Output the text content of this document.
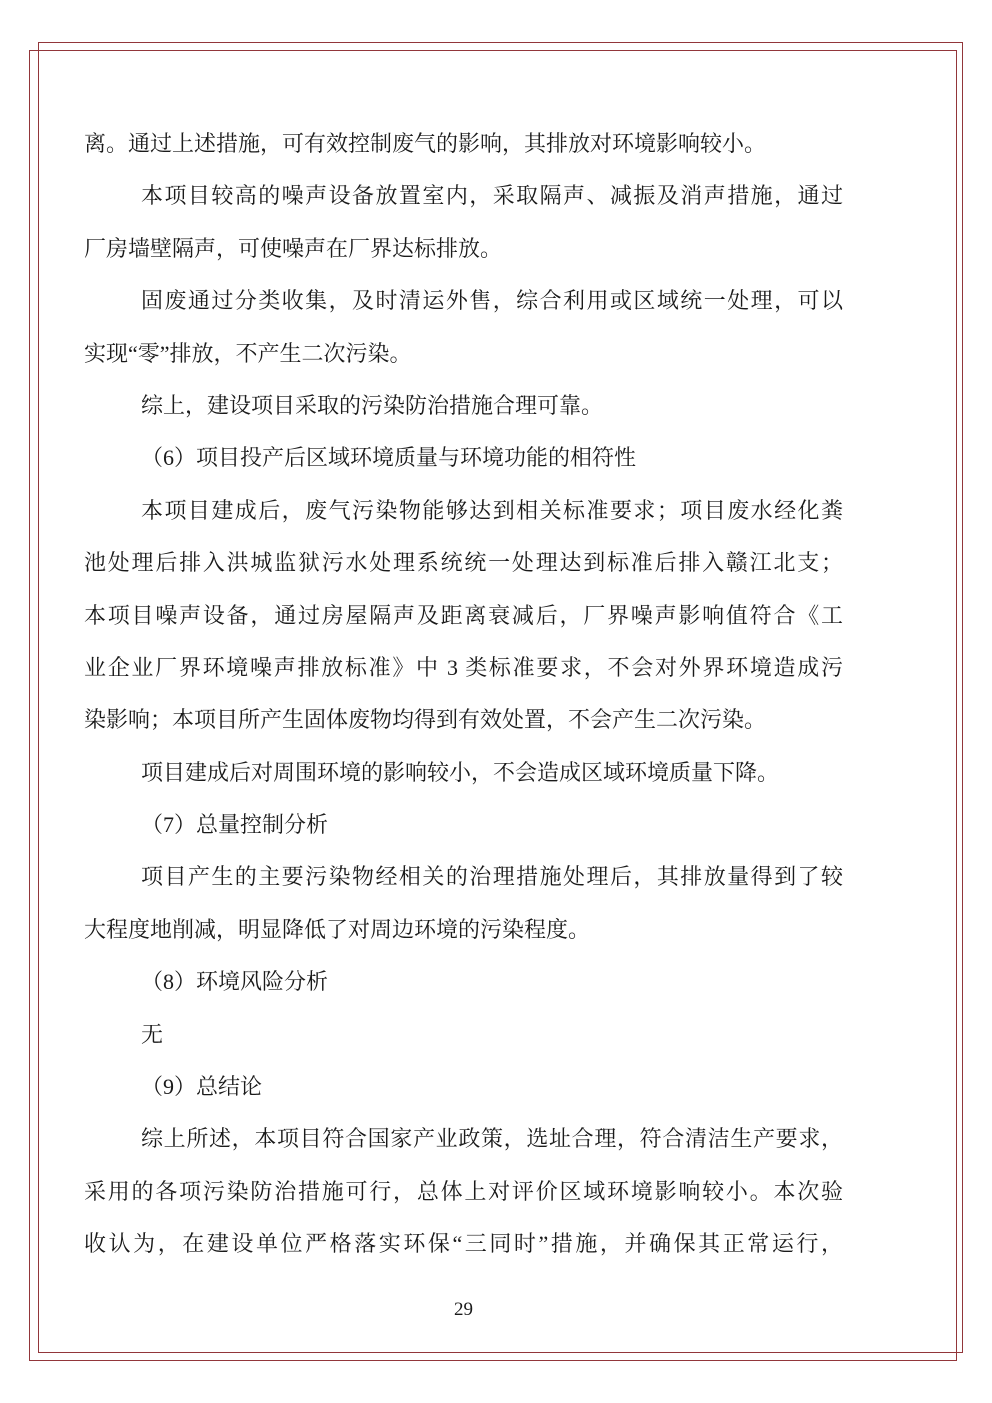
离。通过上述措施，可有效控制废气的影响，其排放对环境影响较小。
本项目较高的噪声设备放置室内，采取隔声、减振及消声措施，通过
厂房墙壁隔声，可使噪声在厂界达标排放。
固废通过分类收集，及时清运外售，综合利用或区域统一处理，可以
实现“零”排放，不产生二次污染。
综上，建设项目采取的污染防治措施合理可靠。
（6）项目投产后区域环境质量与环境功能的相符性
本项目建成后，废气污染物能够达到相关标准要求；项目废水经化粪
池处理后排入洪城监狱污水处理系统统一处理达到标准后排入赣江北支；
本项目噪声设备，通过房屋隔声及距离衰减后，厂界噪声影响值符合《工
业企业厂界环境噪声排放标准》中 3 类标准要求，不会对外界环境造成污
染影响；本项目所产生固体废物均得到有效处置，不会产生二次污染。
项目建成后对周围环境的影响较小，不会造成区域环境质量下降。
（7）总量控制分析
项目产生的主要污染物经相关的治理措施处理后，其排放量得到了较
大程度地削减，明显降低了对周边环境的污染程度。
（8）环境风险分析
无
（9）总结论
综上所述，本项目符合国家产业政策，选址合理，符合清洁生产要求，
采用的各项污染防治措施可行，总体上对评价区域环境影响较小。本次验
收认为，在建设单位严格落实环保“三同时”措施，并确保其正常运行，
29
